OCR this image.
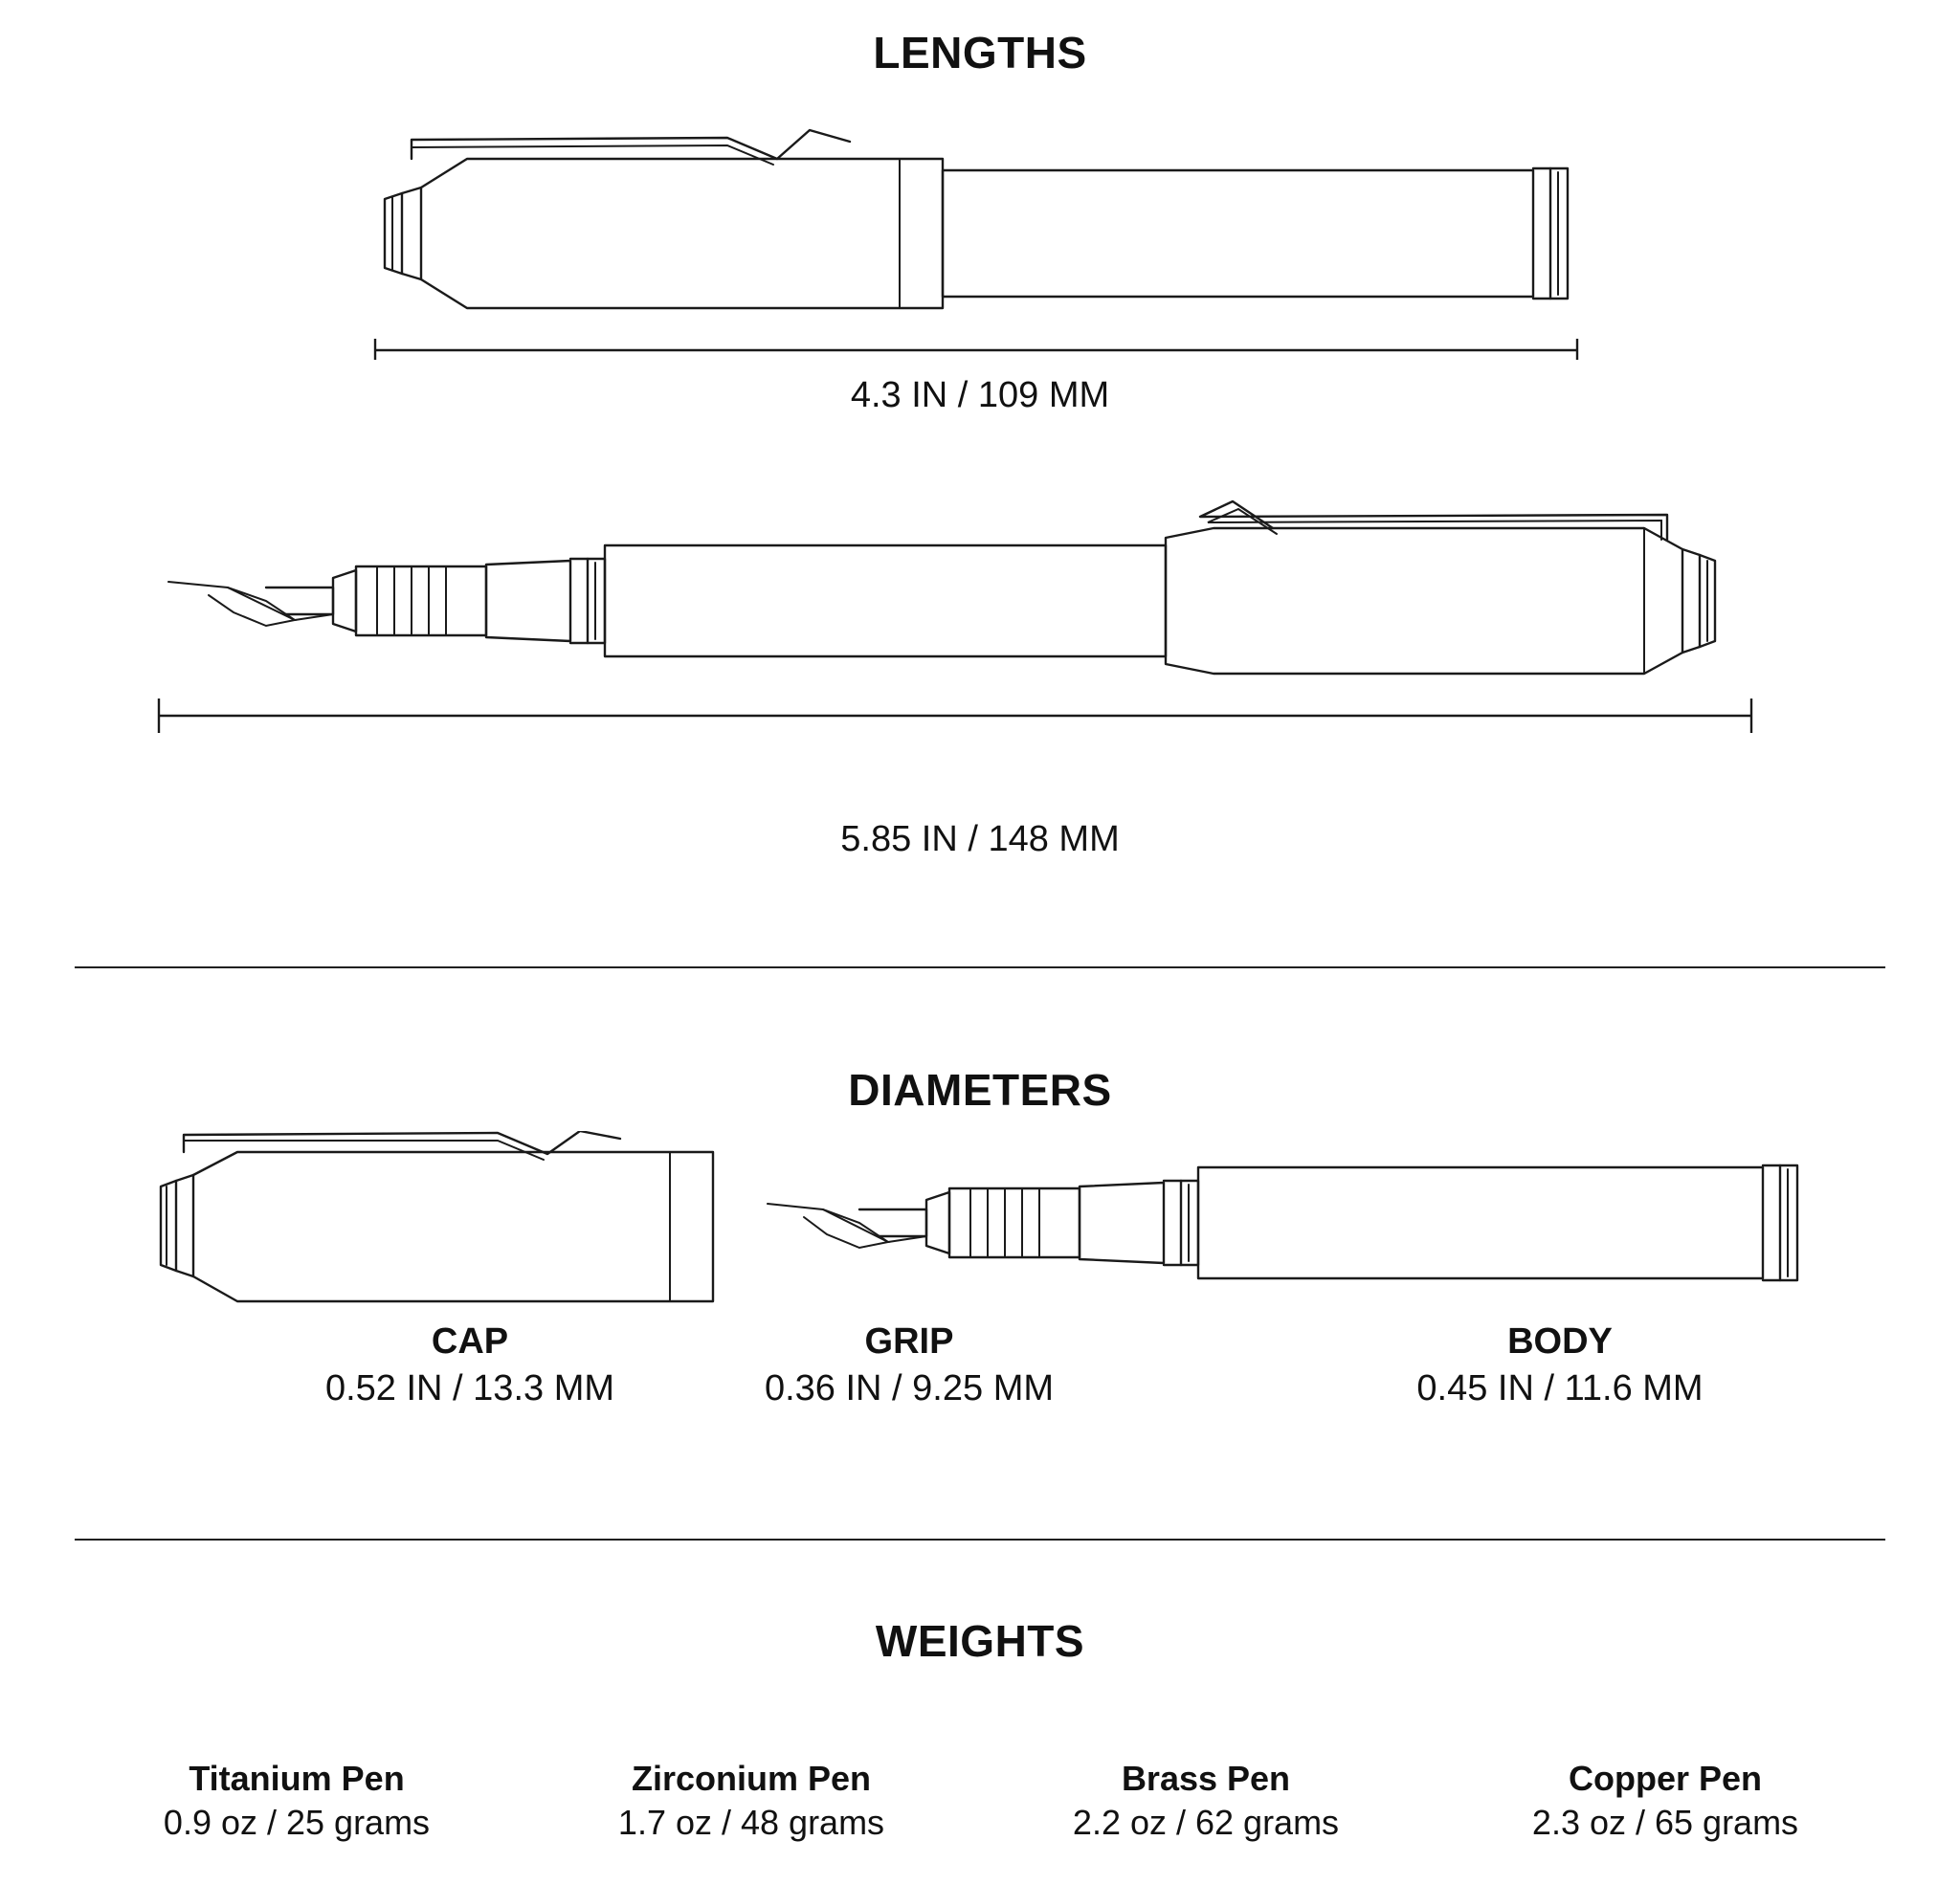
LENGTHS
4.3 IN / 109 MM
5.85 IN / 148 MM
DIAMETERS
CAP
0.52 IN / 13.3 MM
GRIP
0.36 IN / 9.25 MM
BODY
0.45 IN / 11.6 MM
WEIGHTS
Titanium Pen
0.9 oz / 25 grams
Zirconium Pen
1.7 oz / 48 grams
Brass Pen
2.2 oz / 62 grams
Copper Pen
2.3 oz / 65 grams
